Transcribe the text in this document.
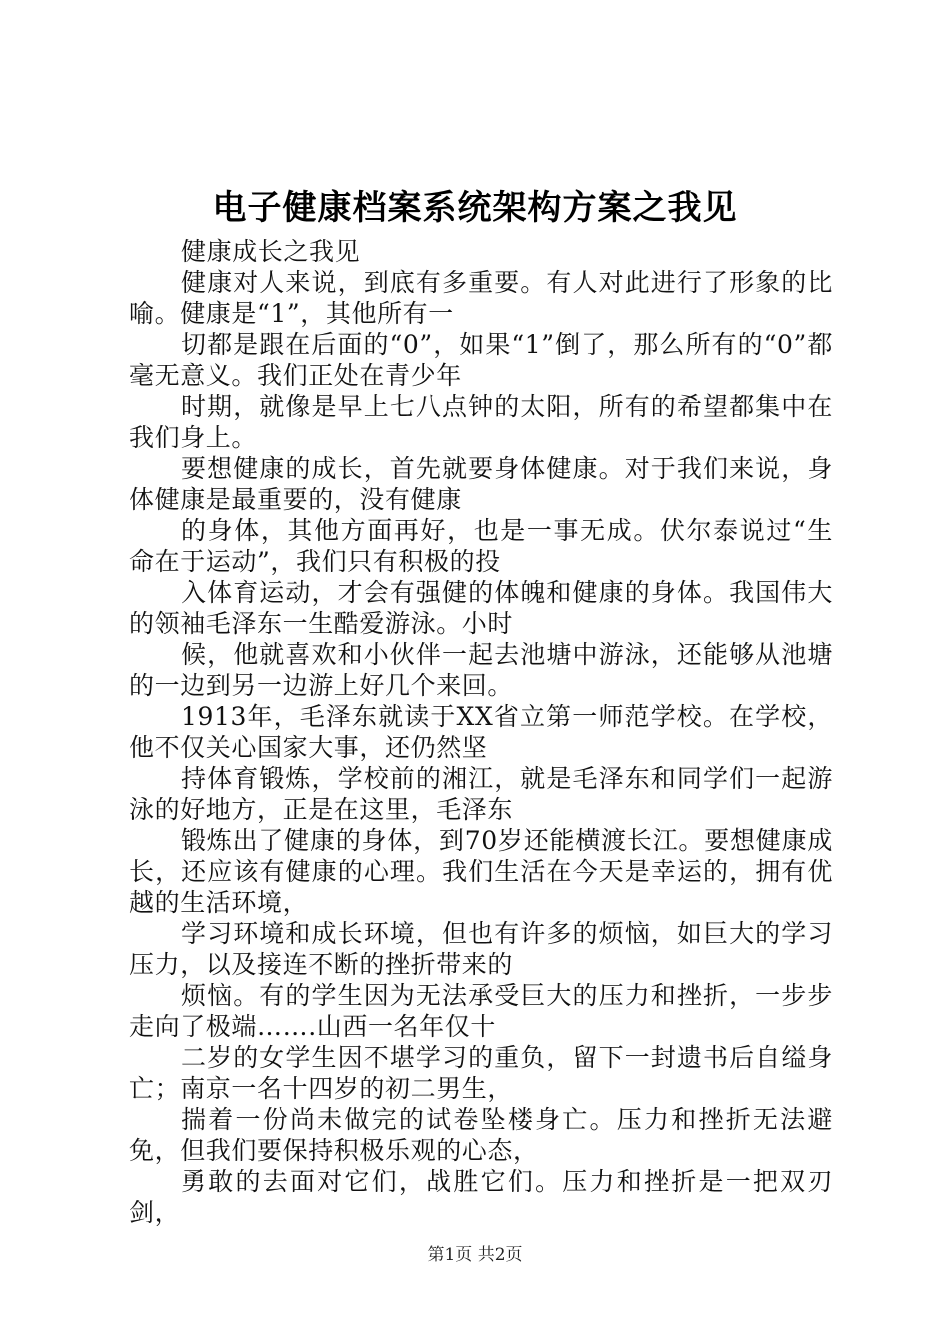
电子健康档案系统架构方案之我见

健康成长之我见

健康对人来说，到底有多重要。有人对此进行了形象的比喻。健康是“1”，其他所有一

切都是跟在后面的“0”，如果“1”倒了，那么所有的“0”都毫无意义。我们正处在青少年

时期，就像是早上七八点钟的太阳，所有的希望都集中在我们身上。

要想健康的成长，首先就要身体健康。对于我们来说，身体健康是最重要的，没有健康

的身体，其他方面再好，也是一事无成。伏尔泰说过“生命在于运动”，我们只有积极的投

入体育运动，才会有强健的体魄和健康的身体。我国伟大的领袖毛泽东一生酷爱游泳。小时

候，他就喜欢和小伙伴一起去池塘中游泳，还能够从池塘的一边到另一边游上好几个来回。

1913年，毛泽东就读于XX省立第一师范学校。在学校，他不仅关心国家大事，还仍然坚

持体育锻炼，学校前的湘江，就是毛泽东和同学们一起游泳的好地方，正是在这里，毛泽东

锻炼出了健康的身体，到70岁还能横渡长江。要想健康成长，还应该有健康的心理。我们生活在今天是幸运的，拥有优越的生活环境，

学习环境和成长环境，但也有许多的烦恼，如巨大的学习压力，以及接连不断的挫折带来的

烦恼。有的学生因为无法承受巨大的压力和挫折，一步步走向了极端…….山西一名年仅十

二岁的女学生因不堪学习的重负，留下一封遗书后自缢身亡；南京一名十四岁的初二男生，

揣着一份尚未做完的试卷坠楼身亡。压力和挫折无法避免，但我们要保持积极乐观的心态，

勇敢的去面对它们，战胜它们。压力和挫折是一把双刃剑，

第1页 共2页
